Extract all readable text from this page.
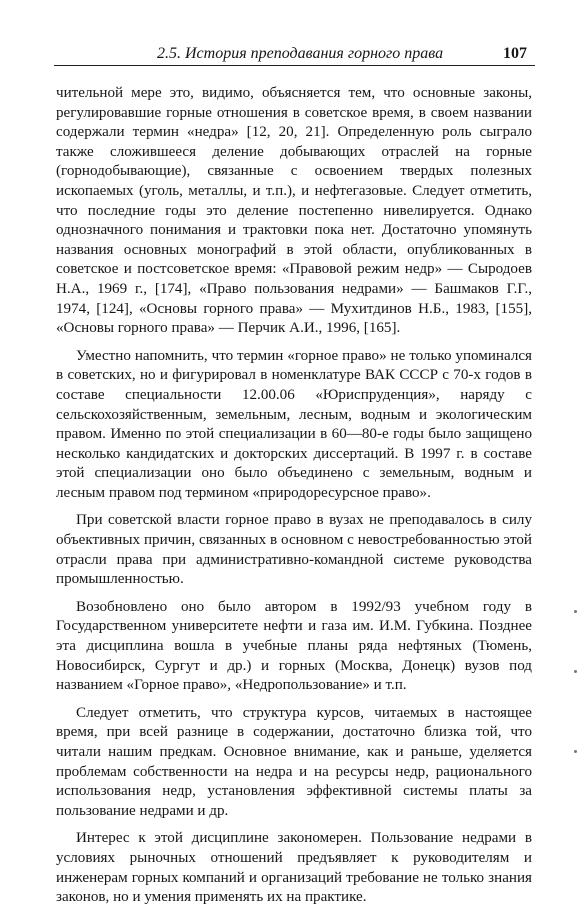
2.5. История преподавания горного права	107

чительной мере это, видимо, объясняется тем, что основные законы, регулировавшие горные отношения в советское время, в своем названии содержали термин «недра» [12, 20, 21]. Определенную роль сыграло также сложившееся деление добывающих отраслей на горные (горнодобывающие), связанные с освоением твердых полезных ископаемых (уголь, металлы, и т.п.), и нефтегазовые. Следует отметить, что последние годы это деление постепенно нивелируется. Однако однозначного понимания и трактовки пока нет. Достаточно упомянуть названия основных монографий в этой области, опубликованных в советское и постсоветское время: «Правовой режим недр» — Сыродоев Н.А., 1969 г., [174], «Право пользования недрами» — Башмаков Г.Г., 1974, [124], «Основы горного права» — Мухитдинов Н.Б., 1983, [155], «Основы горного права» — Перчик А.И., 1996, [165].

Уместно напомнить, что термин «горное право» не только упоминался в советских, но и фигурировал в номенклатуре ВАК СССР с 70-х годов в составе специальности 12.00.06 «Юриспруденция», наряду с сельскохозяйственным, земельным, лесным, водным и экологическим правом. Именно по этой специализации в 60—80-е годы было защищено несколько кандидатских и докторских диссертаций. В 1997 г. в составе этой специализации оно было объединено с земельным, водным и лесным правом под термином «природоресурсное право».

При советской власти горное право в вузах не преподавалось в силу объективных причин, связанных в основном с невостребованностью этой отрасли права при административно-командной системе руководства промышленностью.

Возобновлено оно было автором в 1992/93 учебном году в Государственном университете нефти и газа им. И.М. Губкина. Позднее эта дисциплина вошла в учебные планы ряда нефтяных (Тюмень, Новосибирск, Сургут и др.) и горных (Москва, Донецк) вузов под названием «Горное право», «Недропользование» и т.п.

Следует отметить, что структура курсов, читаемых в настоящее время, при всей разнице в содержании, достаточно близка той, что читали нашим предкам. Основное внимание, как и раньше, уделяется проблемам собственности на недра и на ресурсы недр, рационального использования недр, установления эффективной системы платы за пользование недрами и др.

Интерес к этой дисциплине закономерен. Пользование недрами в условиях рыночных отношений предъявляет к руководителям и инженерам горных компаний и организаций требование не только знания законов, но и умения применять их на практике.
